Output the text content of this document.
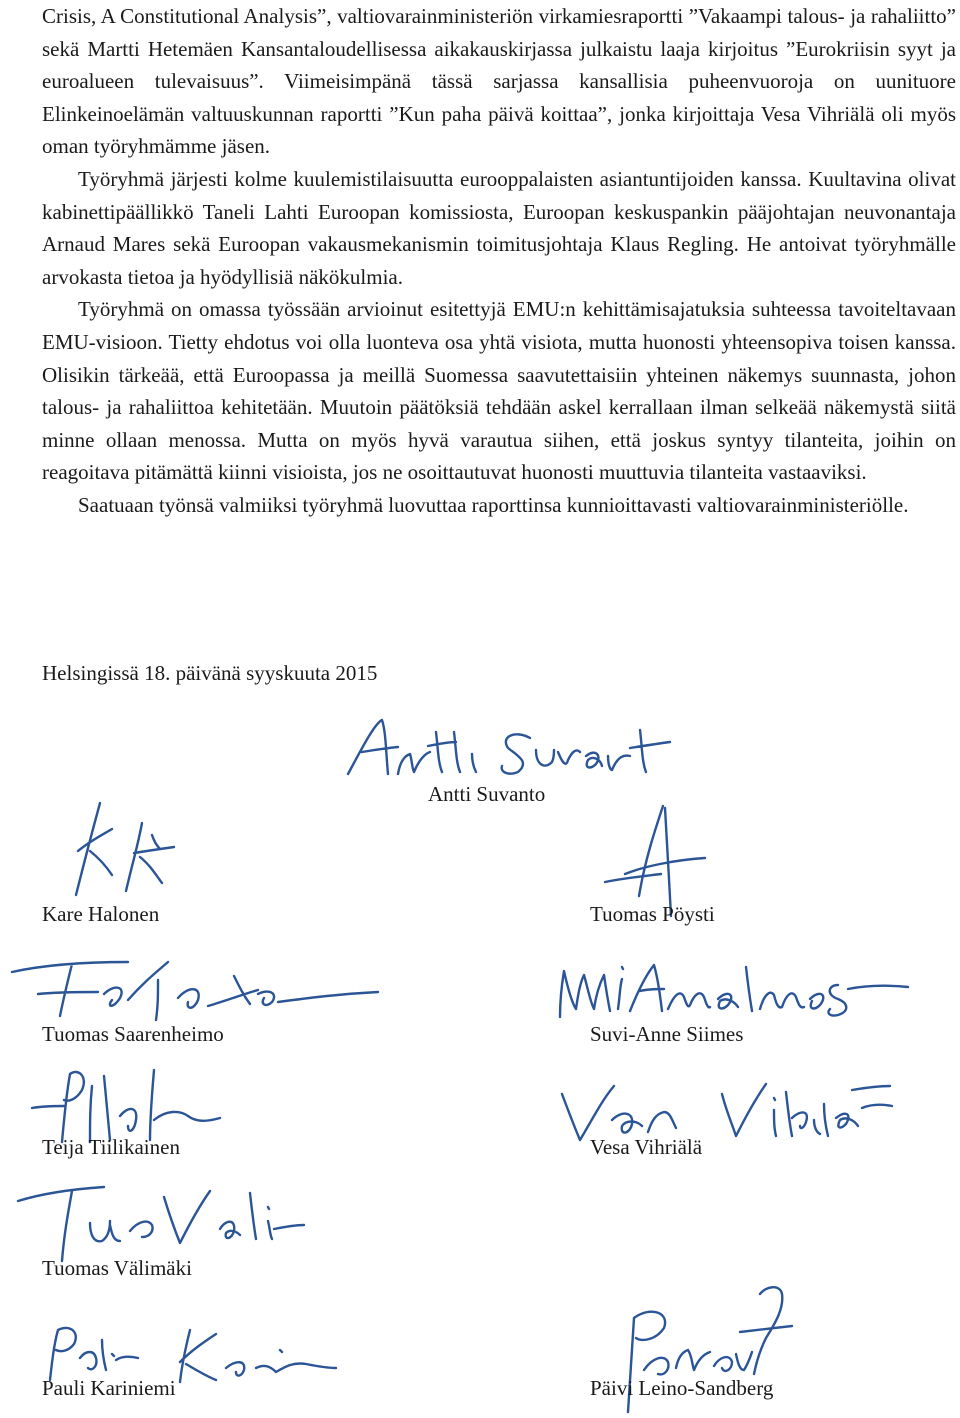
Crisis, A Constitutional Analysis”, valtiovarainministeriön virkamiesraportti ”Vakaampi talous- ja rahaliitto” sekä Martti Hetemäen Kansantaloudellisessa aikakauskirjassa julkaistu laaja kirjoitus ”Eurokriisin syyt ja euroalueen tulevaisuus”. Viimeisimpänä tässä sarjassa kansallisia puheenvuoroja on uunituore Elinkeinoelämän valtuuskunnan raportti ”Kun paha päivä koittaa”, jonka kirjoittaja Vesa Vihriälä oli myös oman työryhmämme jäsen.

Työryhmä järjesti kolme kuulemistilaisuutta eurooppalaisten asiantuntijoiden kanssa. Kuultavina olivat kabinettipäällikkö Taneli Lahti Euroopan komissiosta, Euroopan keskuspankin pääjohtajan neuvonantaja Arnaud Mares sekä Euroopan vakausmekanismin toimitusjohtaja Klaus Regling. He antoivat työryhmälle arvokasta tietoa ja hyödyllisiä näkökulmia.

Työryhmä on omassa työssään arvioinut esitettyjä EMU:n kehittämisajatuksia suhteessa tavoiteltavaan EMU-visioon. Tietty ehdotus voi olla luonteva osa yhtä visiota, mutta huonosti yhteensopiva toisen kanssa. Olisikin tärkeää, että Euroopassa ja meillä Suomessa saavutettaisiin yhteinen näkemys suunnasta, johon talous- ja rahaliittoa kehitetään. Muutoin päätöksiä tehdään askel kerrallaan ilman selkeää näkemystä siitä minne ollaan menossa. Mutta on myös hyvä varautua siihen, että joskus syntyy tilanteita, joihin on reagoitava pitämättä kiinni visioista, jos ne osoittautuvat huonosti muuttuvia tilanteita vastaaviksi.

Saatuaan työnsä valmiiksi työryhmä luovuttaa raporttinsa kunnioittavasti valtiovarainministeriölle.

Helsingissä 18. päivänä syyskuuta 2015
Antti Suvanto
Kare Halonen	Tuomas Pöysti
Tuomas Saarenheimo	Suvi-Anne Siimes
Teija Tiilikainen	Vesa Vihriälä
Tuomas Välimäki
Pauli Kariniemi	Päivi Leino-Sandberg
